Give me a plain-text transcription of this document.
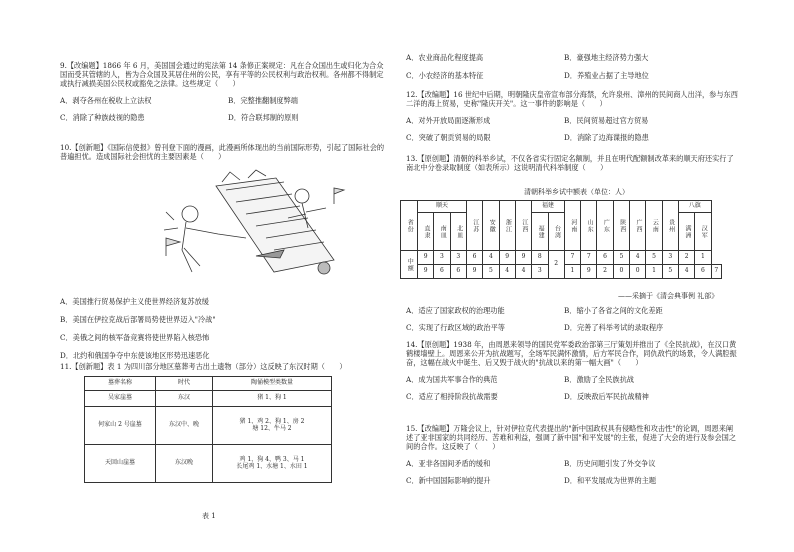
9.【改编题】1866 年 6 月，美国国会通过的宪法第 14 条修正案规定：凡在合众国出生或归化为合众国而受其管辖的人，皆为合众国及其居住州的公民，享有平等的公民权利与政治权利。各州都不得制定或执行减损美国公民权或豁免之法律。这些规定（　　）

A．剥夺各州在税收上立法权	B．完整推翻制度弊端
C．消除了种族歧视的隐患	D．符合联邦制的原则

10.【创新题】《国际信使报》曾刊登下面的漫画，此漫画所体现出的当前国际形势，引起了国际社会的普遍担忧。造成国际社会担忧的主要因素是（　　）

A．美国推行贸易保护主义使世界经济复苏放缓
B．美国在伊拉克战后部署局势使世界迈入"冷战"
C．美俄之间的核军备竞赛将使世界陷入核恐怖
D．北约和俄国争夺中东使该地区形势迅速恶化

11.【创新题】表 1 为四川部分地区墓葬考古出土遗物（部分）这反映了东汉时期（　　）

墓葬名称	时代	陶俑模型类数量
吴家崖墓	东汉	猪 1、狗 1
何家山 2 号崖墓	东汉中、晚	猪 1、鸡 2、狗 1、房 2
塘 12、牛马 2
天回山崖墓	东汉晚	鸡 1、狗 4、鸭 3、马 1
长尾鸡 1、水塘 1、水田 1
表 1
A．农业商品化程度提高	B．豪强地主经济势力强大
C．小农经济的基本特征	D．养殖业占据了主导地位

12.【改编题】16 世纪中后期，明朝隆庆皇帝宣布部分海禁，允许泉州、漳州的民间商人出洋，参与东西二洋的海上贸易，史称"隆庆开关"。这一事件的影响是（　　）

A．对外开放局面逐渐形成	B．民间贸易超过官方贸易
C．突破了朝贡贸易的局限	D．消除了边海谍报的隐患

13.【原创题】清朝的科举乡试，不仅各省实行固定名额制，并且在明代配额制改革来的顺天府还实行了南北中分卷录取制度（如表所示）这说明清代科举制度（　　）

清朝科举乡试中额表（单位：人）
省份	顺天			江苏	安徽	浙江	江西	福建		河南	山东	广东	陕西	广西	云南	贵州	八旗		
	直隶	南皿	北皿					福建	台湾								满洲	汉军	
中额	9	3	3	6	4	9	9	8	2	7	7	6	5	4	5	3	2	1	
	9	6	6	9	5	4	4	3		1	9	2	0	0	1	5	4	6	7
——采摘于《清会典事例 礼部》
A．适应了国家政权的治理功能	B．缩小了各省之间的文化差距
C．实现了行政区域的政治平等	D．完善了科举考试的录取程序

14.【原创题】1938 年，由周恩来领导的国民党军委政治部第三厅策划并推出了《全民抗战》，在汉口黄鹤楼墙壁上。周恩来公开为抗战题写，全场军民满怀激情，后方军民合作，同仇敌忾的场景，令人满腔振奋，这幅在战火中诞生、后又毁于战火的"抗战以来的第一幅大画"（　　）

A．成为国共军事合作的典范	B．激励了全民族抗战
C．适应了相持阶段抗战需要	D．反映敌后军民抗战精神

15.【改编题】万隆会议上，针对伊拉克代表提出的"新中国政权具有侵略性和攻击性"的论调，周恩来阐述了亚非国家的共同经历、苦难和利益，强调了新中国"和平发展"的主张，促进了大会的进行及参会国之间的合作。这反映了（　　）

A．亚非各国间矛盾的缓和	B．历史问题引发了外交争议
C．新中国国际影响的提升	D．和平发展成为世界的主题
